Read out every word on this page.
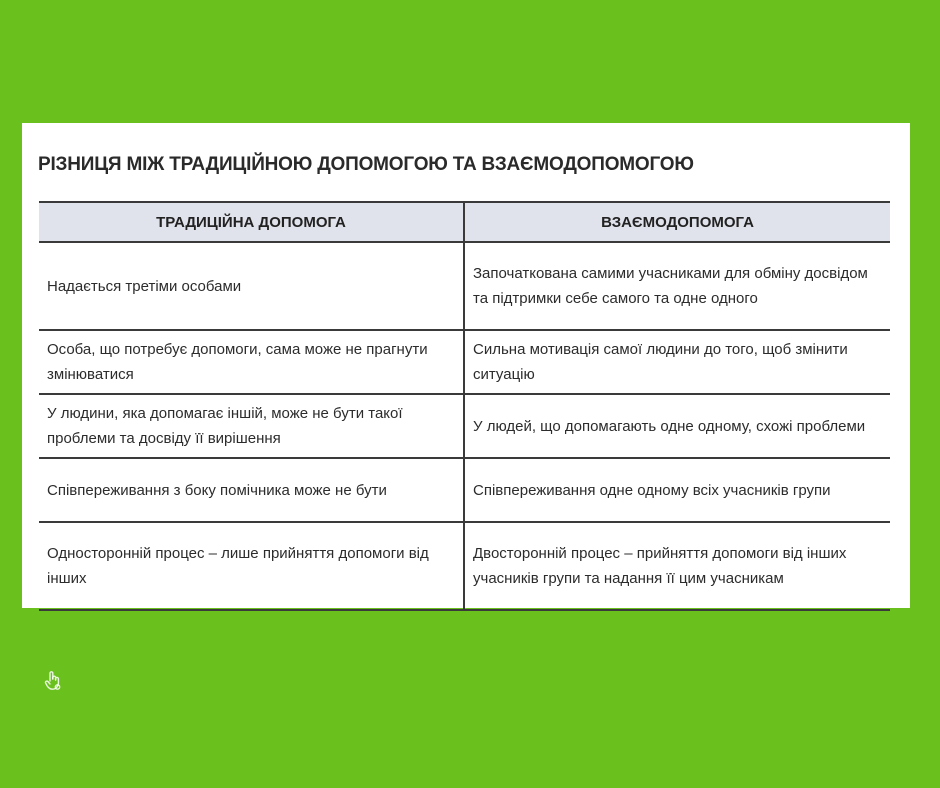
РІЗНИЦЯ МІЖ ТРАДИЦІЙНОЮ ДОПОМОГОЮ ТА ВЗАЄМОДОПОМОГОЮ
ТРАДИЦІЙНА ДОПОМОГА	ВЗАЄМОДОПОМОГА
Надається третіми особами	Започаткована самими учасниками для обміну досвідом та підтримки себе самого та одне одного
Особа, що потребує допомоги, сама може не прагнути змінюватися	Сильна мотивація самої людини до того, щоб змінити ситуацію
У людини, яка допомагає іншій, може не бути такої проблеми та досвіду її вирішення	У людей, що допомагають одне одному, схожі проблеми
Співпереживання з боку помічника може не бути	Співпереживання одне одному всіх учасників групи
Односторонній процес – лише прийняття допомоги від інших	Двосторонній процес – прийняття допомоги від інших учасників групи та надання її цим учасникам
